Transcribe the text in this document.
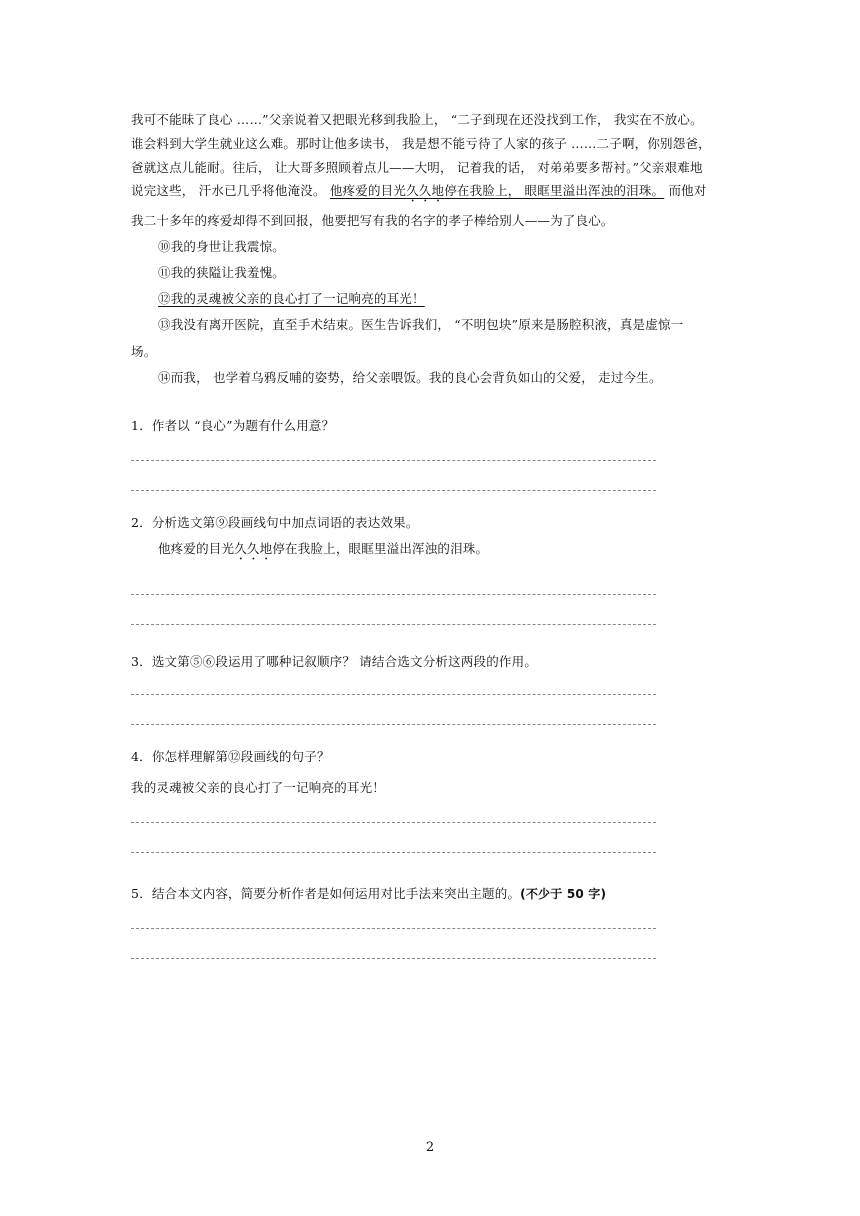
我可不能昧了良心 ……”父亲说着又把眼光移到我脸上， “二子到现在还没找到工作， 我实在不放心。
谁会料到大学生就业这么难。那时让他多读书， 我是想不能亏待了人家的孩子 ……二子啊，你别怨爸，
爸就这点儿能耐。往后， 让大哥多照顾着点儿——大明， 记着我的话， 对弟弟要多帮衬。”父亲艰难地
说完这些， 汗水已几乎将他淹没。 他疼爱的目光久久地停在我脸上， 眼眶里溢出浑浊的泪珠。 而他对
我二十多年的疼爱却得不到回报，他要把写有我的名字的孝子棒给别人——为了良心。
⑩我的身世让我震惊。
⑪我的狭隘让我羞愧。
⑫我的灵魂被父亲的良心打了一记响亮的耳光！
⑬我没有离开医院，直至手术结束。医生告诉我们， “不明包块”原来是肠腔积液，真是虚惊一
场。
⑭而我， 也学着乌鸦反哺的姿势，给父亲喂饭。我的良心会背负如山的父爱， 走过今生。
1．作者以 “良心”为题有什么用意？
2．分析选文第⑨段画线句中加点词语的表达效果。
他疼爱的目光久久地停在我脸上，眼眶里溢出浑浊的泪珠。
3．选文第⑤⑥段运用了哪种记叙顺序？ 请结合选文分析这两段的作用。
4．你怎样理解第⑫段画线的句子？
我的灵魂被父亲的良心打了一记响亮的耳光！
5．结合本文内容，简要分析作者是如何运用对比手法来突出主题的。(不少于 50 字)
2
